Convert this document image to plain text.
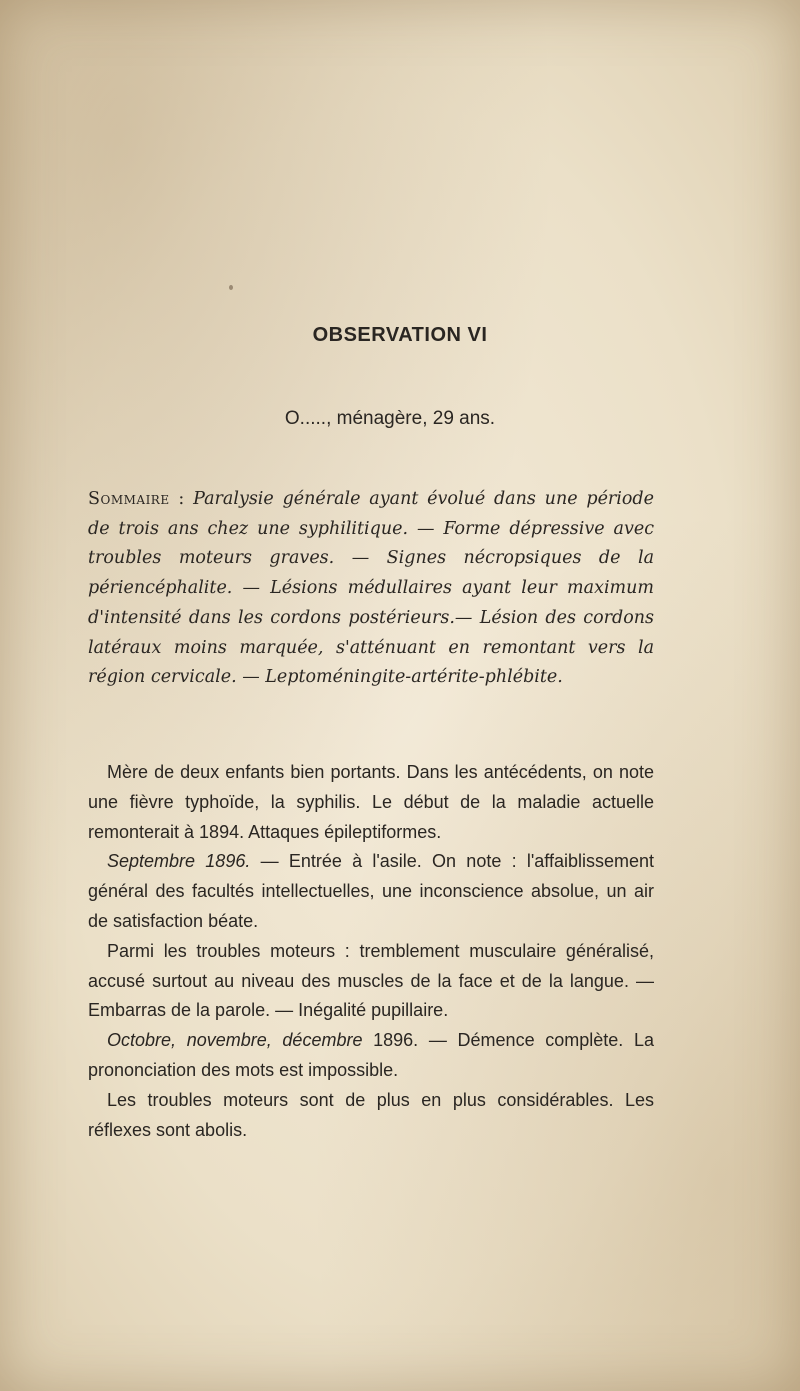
OBSERVATION VI

O....., ménagère, 29 ans.

Sommaire : Paralysie générale ayant évolué dans une période de trois ans chez une syphilitique. — Forme dépressive avec troubles moteurs graves. — Signes nécropsiques de la périencéphalite. — Lésions médullaires ayant leur maximum d'intensité dans les cordons postérieurs.— Lésion des cordons latéraux moins marquée, s'atténuant en remontant vers la région cervicale. — Leptoméningite-artérite-phlébite.

Mère de deux enfants bien portants. Dans les antécédents, on note une fièvre typhoïde, la syphilis. Le début de la maladie actuelle remonterait à 1894. Attaques épileptiformes.

Septembre 1896. — Entrée à l'asile. On note : l'affaiblissement général des facultés intellectuelles, une inconscience absolue, un air de satisfaction béate.

Parmi les troubles moteurs : tremblement musculaire généralisé, accusé surtout au niveau des muscles de la face et de la langue. — Embarras de la parole. — Inégalité pupillaire.

Octobre, novembre, décembre 1896. — Démence complète. La prononciation des mots est impossible.

Les troubles moteurs sont de plus en plus considérables. Les réflexes sont abolis.
